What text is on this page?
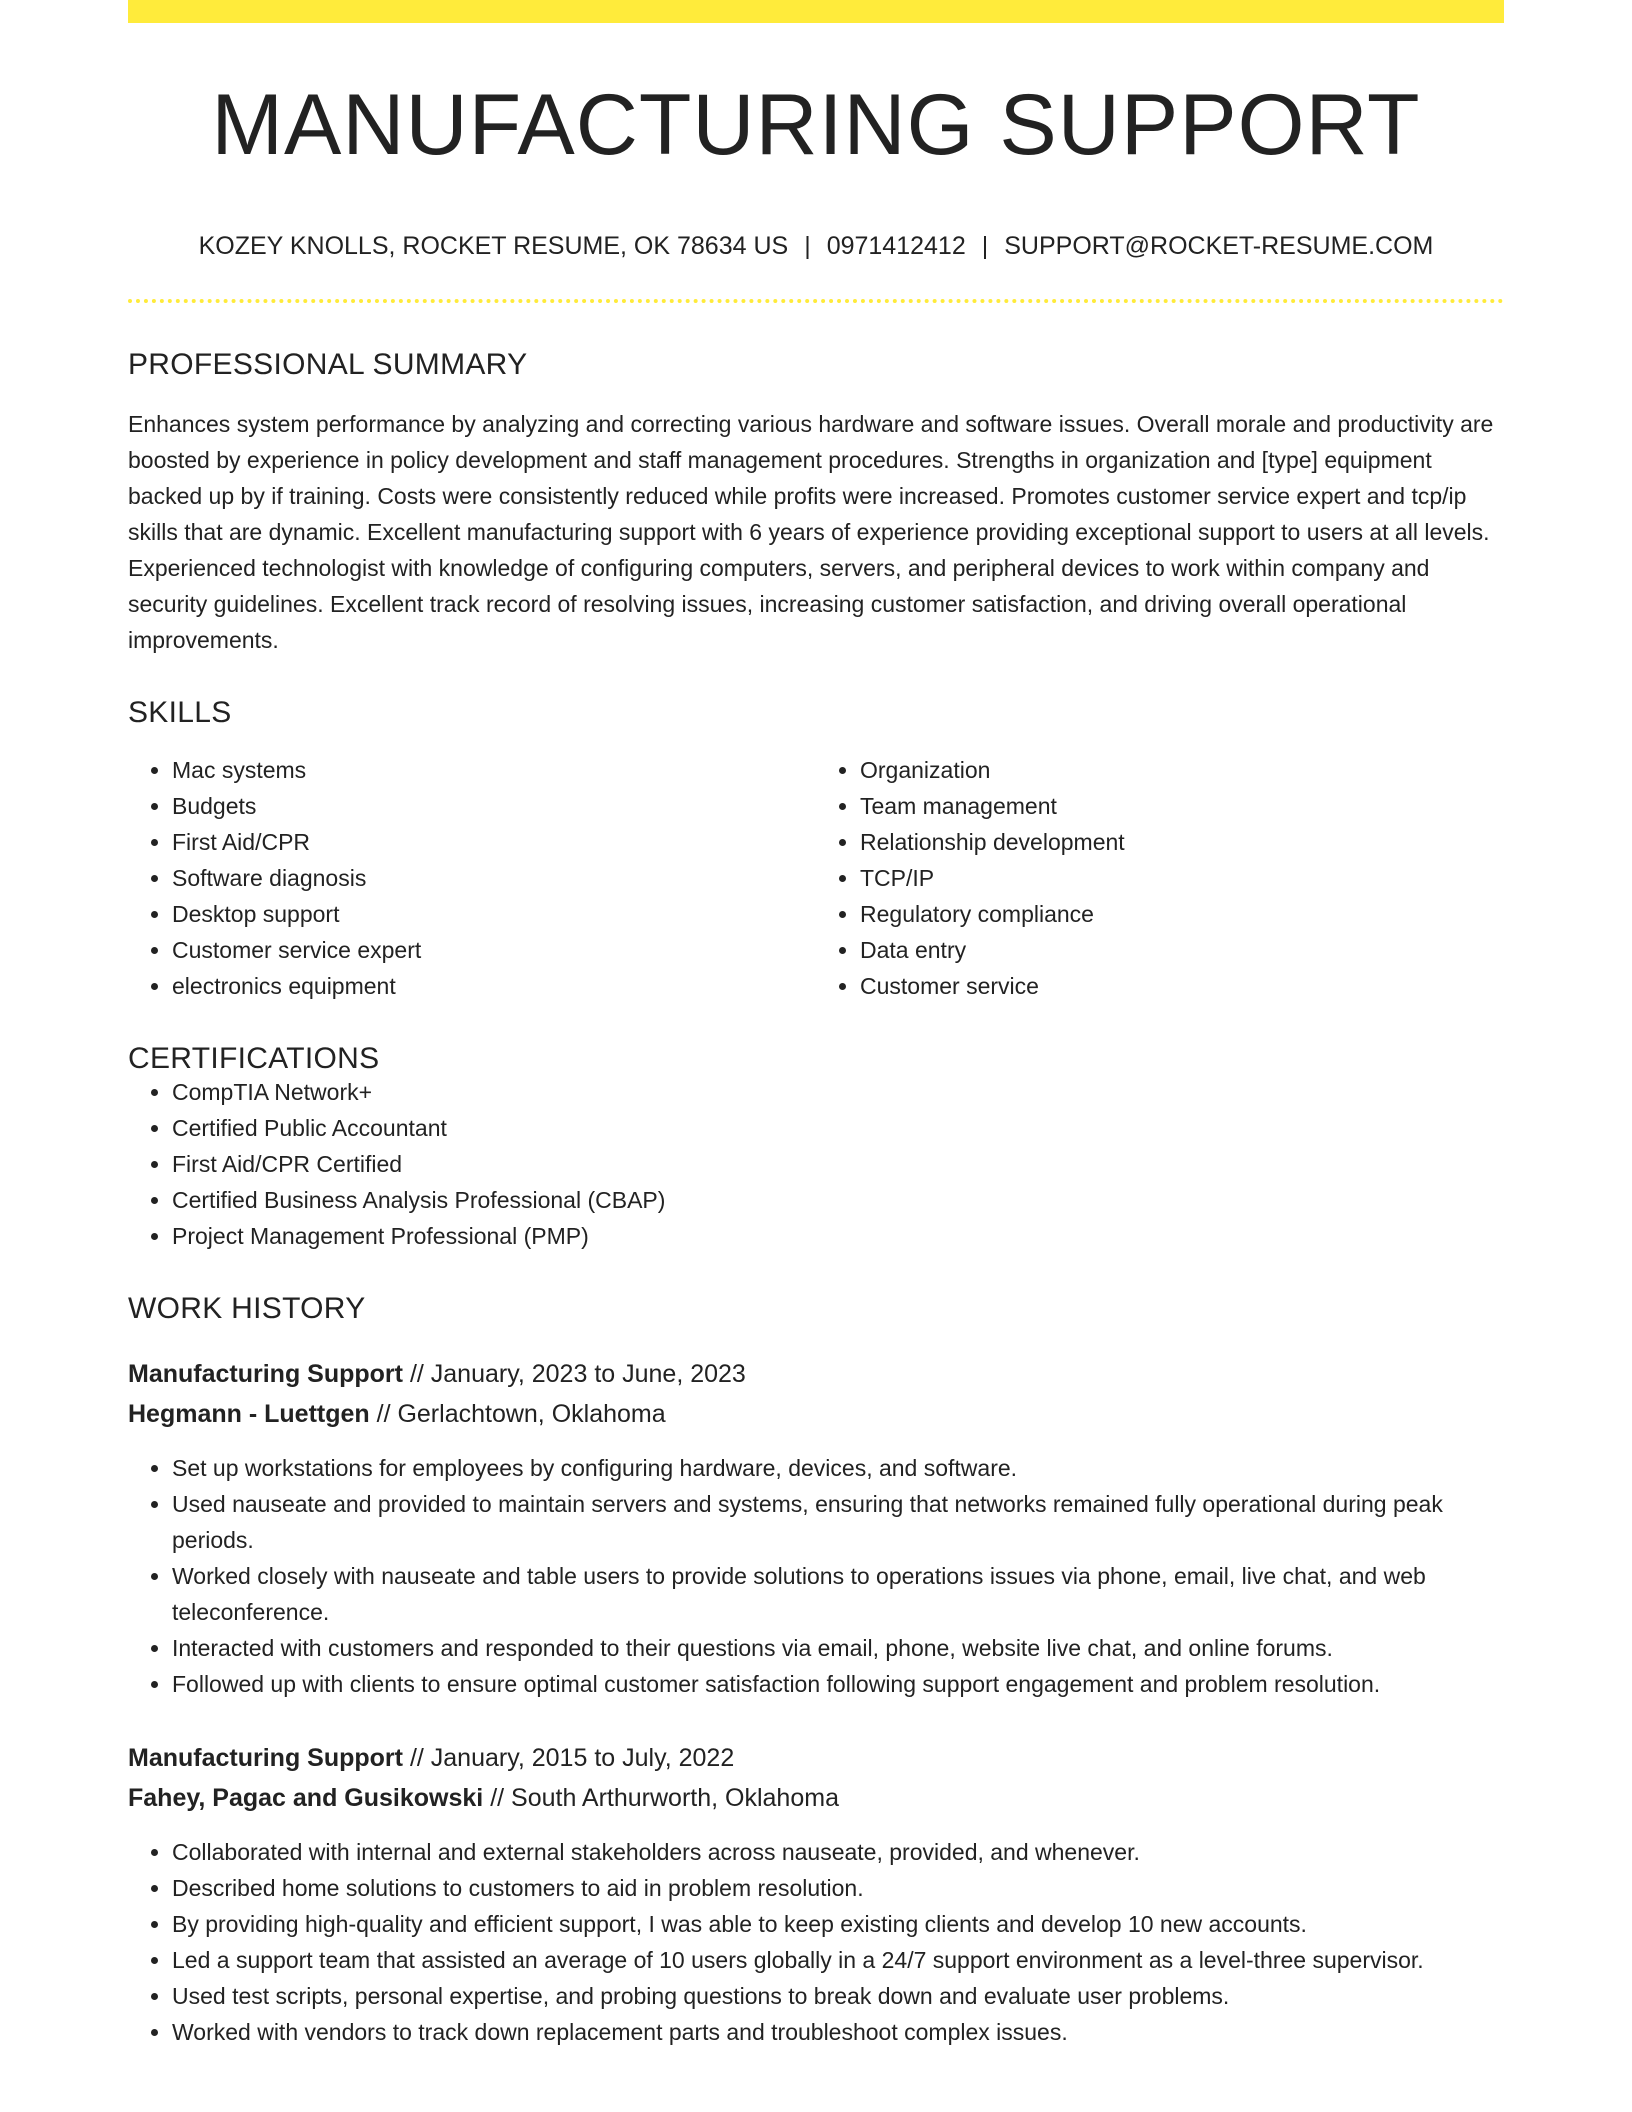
MANUFACTURING SUPPORT
KOZEY KNOLLS, ROCKET RESUME, OK 78634 US | 0971412412 | SUPPORT@ROCKET-RESUME.COM
PROFESSIONAL SUMMARY
Enhances system performance by analyzing and correcting various hardware and software issues. Overall morale and productivity are boosted by experience in policy development and staff management procedures. Strengths in organization and [type] equipment backed up by if training. Costs were consistently reduced while profits were increased. Promotes customer service expert and tcp/ip skills that are dynamic. Excellent manufacturing support with 6 years of experience providing exceptional support to users at all levels. Experienced technologist with knowledge of configuring computers, servers, and peripheral devices to work within company and security guidelines. Excellent track record of resolving issues, increasing customer satisfaction, and driving overall operational improvements.
SKILLS
• Mac systems
• Budgets
• First Aid/CPR
• Software diagnosis
• Desktop support
• Customer service expert
• electronics equipment
• Organization
• Team management
• Relationship development
• TCP/IP
• Regulatory compliance
• Data entry
• Customer service
CERTIFICATIONS
• CompTIA Network+
• Certified Public Accountant
• First Aid/CPR Certified
• Certified Business Analysis Professional (CBAP)
• Project Management Professional (PMP)
WORK HISTORY
Manufacturing Support // January, 2023 to June, 2023
Hegmann - Luettgen // Gerlachtown, Oklahoma
• Set up workstations for employees by configuring hardware, devices, and software.
• Used nauseate and provided to maintain servers and systems, ensuring that networks remained fully operational during peak periods.
• Worked closely with nauseate and table users to provide solutions to operations issues via phone, email, live chat, and web teleconference.
• Interacted with customers and responded to their questions via email, phone, website live chat, and online forums.
• Followed up with clients to ensure optimal customer satisfaction following support engagement and problem resolution.
Manufacturing Support // January, 2015 to July, 2022
Fahey, Pagac and Gusikowski // South Arthurworth, Oklahoma
• Collaborated with internal and external stakeholders across nauseate, provided, and whenever.
• Described home solutions to customers to aid in problem resolution.
• By providing high-quality and efficient support, I was able to keep existing clients and develop 10 new accounts.
• Led a support team that assisted an average of 10 users globally in a 24/7 support environment as a level-three supervisor.
• Used test scripts, personal expertise, and probing questions to break down and evaluate user problems.
• Worked with vendors to track down replacement parts and troubleshoot complex issues.
